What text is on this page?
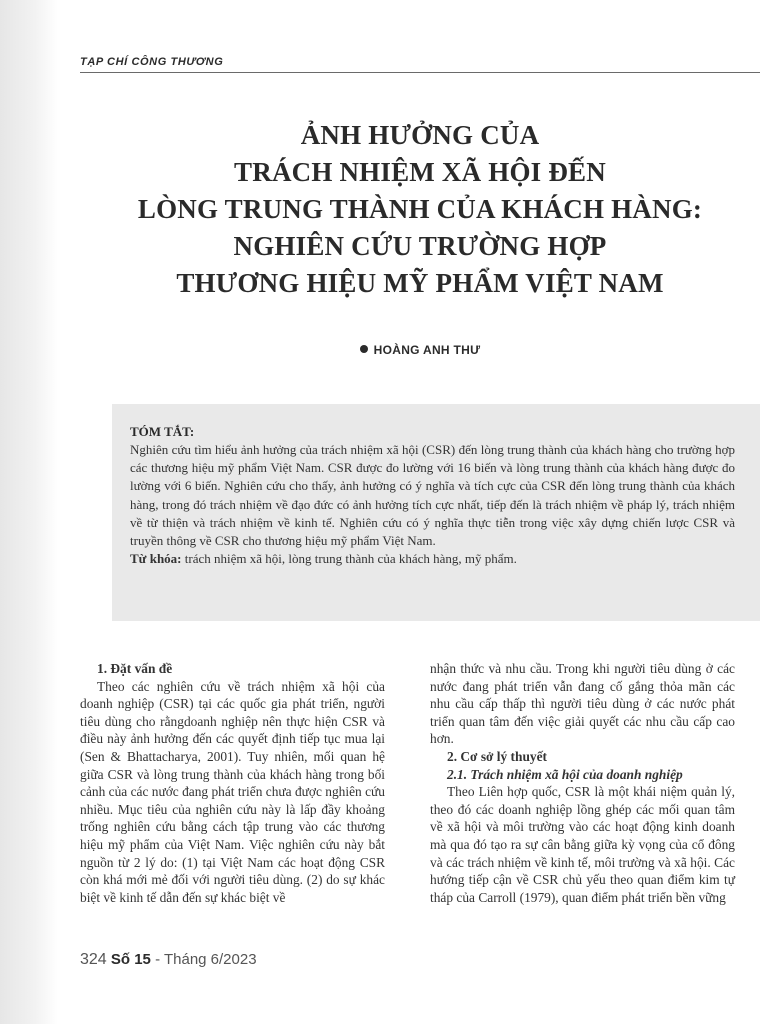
TẠP CHÍ CÔNG THƯƠNG
ẢNH HƯỞNG CỦA
TRÁCH NHIỆM XÃ HỘI ĐẾN
LÒNG TRUNG THÀNH CỦA KHÁCH HÀNG:
NGHIÊN CỨU TRƯỜNG HỢP
THƯƠNG HIỆU MỸ PHẨM VIỆT NAM
HOÀNG ANH THƯ
TÓM TẮT:

Nghiên cứu tìm hiểu ảnh hưởng của trách nhiệm xã hội (CSR) đến lòng trung thành của khách hàng cho trường hợp các thương hiệu mỹ phẩm Việt Nam. CSR được đo lường với 16 biến và lòng trung thành của khách hàng được đo lường với 6 biến. Nghiên cứu cho thấy, ảnh hưởng có ý nghĩa và tích cực của CSR đến lòng trung thành của khách hàng, trong đó trách nhiệm về đạo đức có ảnh hưởng tích cực nhất, tiếp đến là trách nhiệm về pháp lý, trách nhiệm về từ thiện và trách nhiệm về kinh tế. Nghiên cứu có ý nghĩa thực tiễn trong việc xây dựng chiến lược CSR và truyền thông về CSR cho thương hiệu mỹ phẩm Việt Nam.

Từ khóa: trách nhiệm xã hội, lòng trung thành của khách hàng, mỹ phẩm.

1. Đặt vấn đề

Theo các nghiên cứu về trách nhiệm xã hội của doanh nghiệp (CSR) tại các quốc gia phát triển, người tiêu dùng cho rằngdoanh nghiệp nên thực hiện CSR và điều này ảnh hưởng đến các quyết định tiếp tục mua lại (Sen & Bhattacharya, 2001). Tuy nhiên, mối quan hệ giữa CSR và lòng trung thành của khách hàng trong bối cảnh của các nước đang phát triển chưa được nghiên cứu nhiều. Mục tiêu của nghiên cứu này là lấp đầy khoảng trống nghiên cứu bằng cách tập trung vào các thương hiệu mỹ phẩm của Việt Nam. Việc nghiên cứu này bắt nguồn từ 2 lý do: (1) tại Việt Nam các hoạt động CSR còn khá mới mẻ đối với người tiêu dùng. (2) do sự khác biệt về kinh tế dẫn đến sự khác biệt về

nhận thức và nhu cầu. Trong khi người tiêu dùng ở các nước đang phát triển vẫn đang cố gắng thỏa mãn các nhu cầu cấp thấp thì người tiêu dùng ở các nước phát triển quan tâm đến việc giải quyết các nhu cầu cấp cao hơn.

2. Cơ sở lý thuyết

2.1. Trách nhiệm xã hội của doanh nghiệp

Theo Liên hợp quốc, CSR là một khái niệm quản lý, theo đó các doanh nghiệp lồng ghép các mối quan tâm về xã hội và môi trường vào các hoạt động kinh doanh mà qua đó tạo ra sự cân bằng giữa kỳ vọng của cổ đông và các trách nhiệm về kinh tế, môi trường và xã hội. Các hướng tiếp cận về CSR chủ yếu theo quan điểm kim tự tháp của Carroll (1979), quan điểm phát triển bền vững

324 Số 15 - Tháng 6/2023
